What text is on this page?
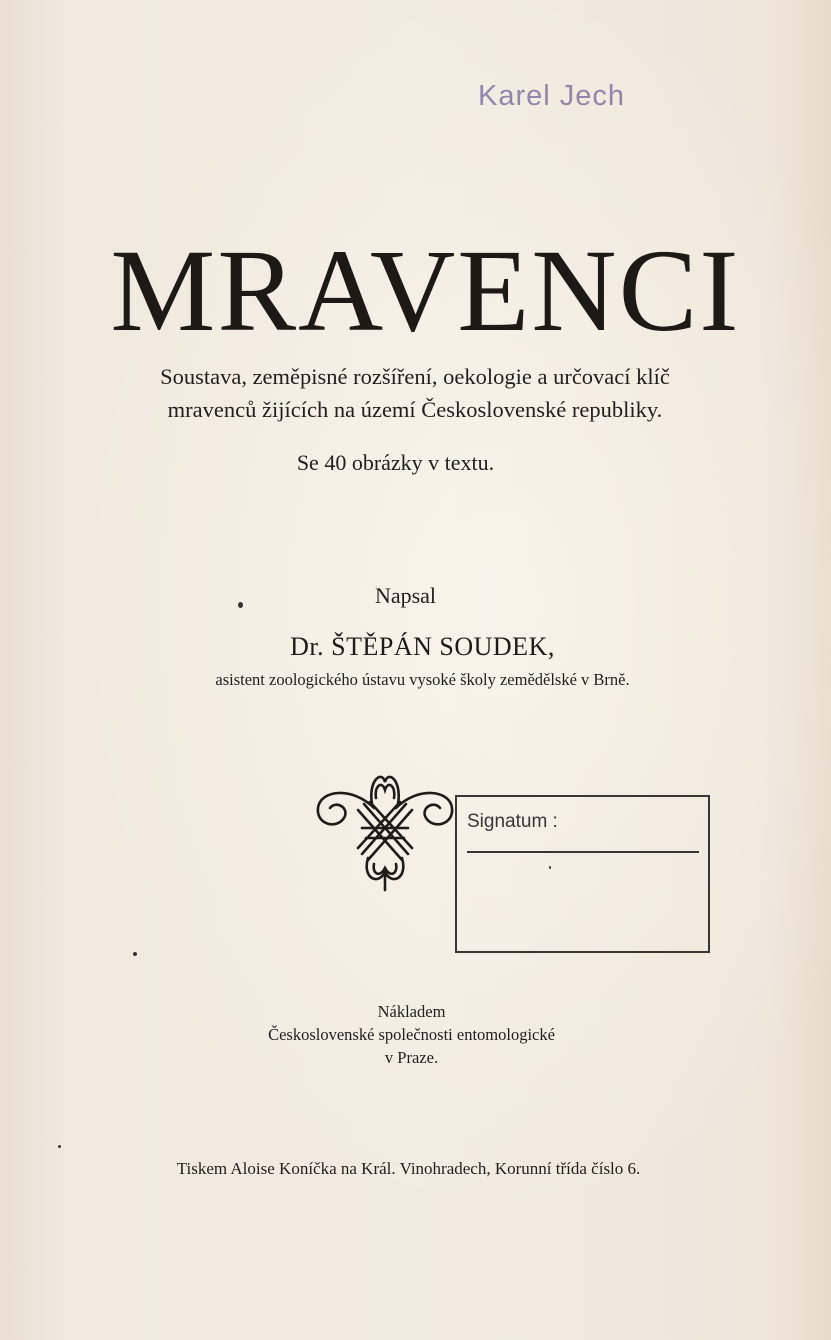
Karel Jech
MRAVENCI
Soustava, zeměpisné rozšíření, oekologie a určovací klíč
mravenců žijících na území Československé republiky.
Se 40 obrázky v textu.
Napsal
Dr. ŠTĚPÁN SOUDEK,
asistent zoologického ústavu vysoké školy zemědělské v Brně.
Signatum :
Nákladem
Československé společnosti entomologické
v Praze.
Tiskem Aloise Koníčka na Král. Vinohradech, Korunní třída číslo 6.
